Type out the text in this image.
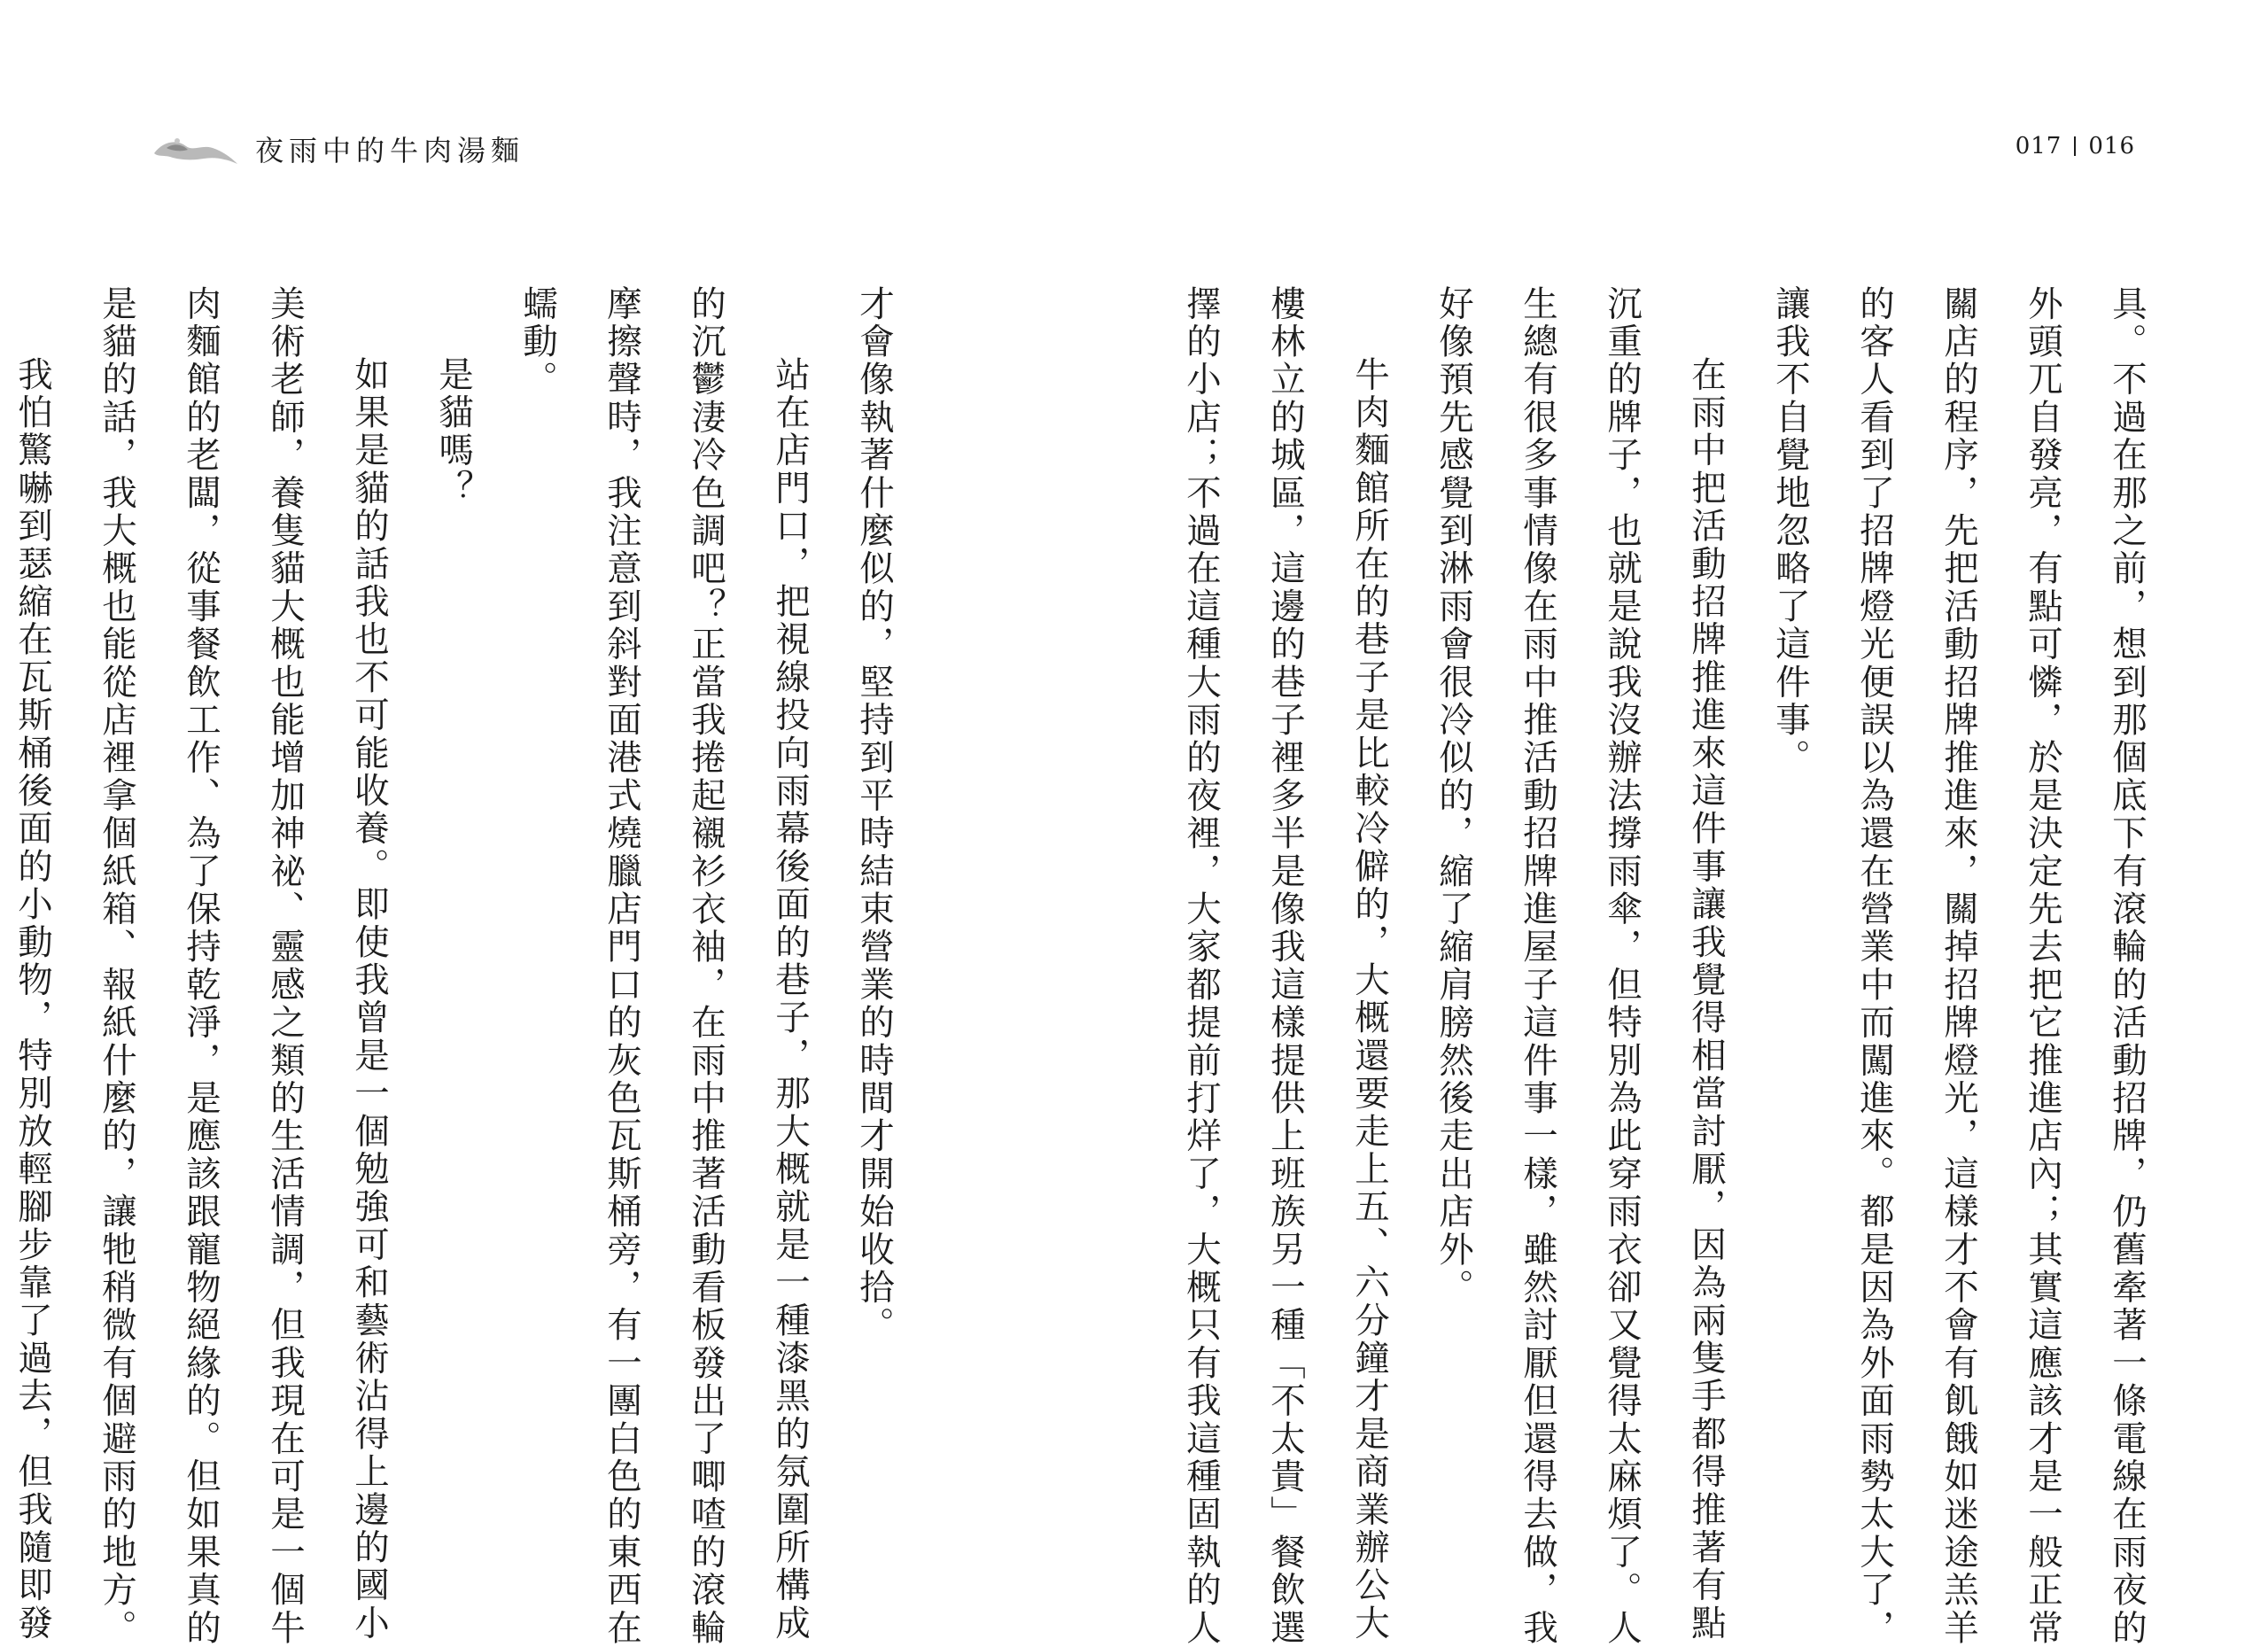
夜雨中的牛肉湯麵	017 016

具。不過在那之前，想到那個底下有滾輪的活動招牌，仍舊牽著一條電線在雨夜的

外頭兀自發亮，有點可憐，於是決定先去把它推進店內；其實這應該才是一般正常

關店的程序，先把活動招牌推進來，關掉招牌燈光，這樣才不會有飢餓如迷途羔羊

的客人看到了招牌燈光便誤以為還在營業中而闖進來。都是因為外面雨勢太大了，

讓我不自覺地忽略了這件事。

在雨中把活動招牌推進來這件事讓我覺得相當討厭，因為兩隻手都得推著有點

沉重的牌子，也就是說我沒辦法撐雨傘，但特別為此穿雨衣卻又覺得太麻煩了。人

生總有很多事情像在雨中推活動招牌進屋子這件事一樣，雖然討厭但還得去做，我

好像預先感覺到淋雨會很冷似的，縮了縮肩膀然後走出店外。

牛肉麵館所在的巷子是比較冷僻的，大概還要走上五、六分鐘才是商業辦公大

樓林立的城區，這邊的巷子裡多半是像我這樣提供上班族另一種「不太貴」餐飲選

擇的小店；不過在這種大雨的夜裡，大家都提前打烊了，大概只有我這種固執的人

才會像執著什麼似的，堅持到平時結束營業的時間才開始收拾。

站在店門口，把視線投向雨幕後面的巷子，那大概就是一種漆黑的氛圍所構成

的沉鬱淒冷色調吧？正當我捲起襯衫衣袖，在雨中推著活動看板發出了唧喳的滾輪

摩擦聲時，我注意到斜對面港式燒臘店門口的灰色瓦斯桶旁，有一團白色的東西在

蠕動。

是貓嗎？

如果是貓的話我也不可能收養。即使我曾是一個勉強可和藝術沾得上邊的國小

美術老師，養隻貓大概也能增加神祕、靈感之類的生活情調，但我現在可是一個牛

肉麵館的老闆，從事餐飲工作、為了保持乾淨，是應該跟寵物絕緣的。但如果真的

是貓的話，我大概也能從店裡拿個紙箱、報紙什麼的，讓牠稍微有個避雨的地方。

我怕驚嚇到瑟縮在瓦斯桶後面的小動物，特別放輕腳步靠了過去，但我隨即發
